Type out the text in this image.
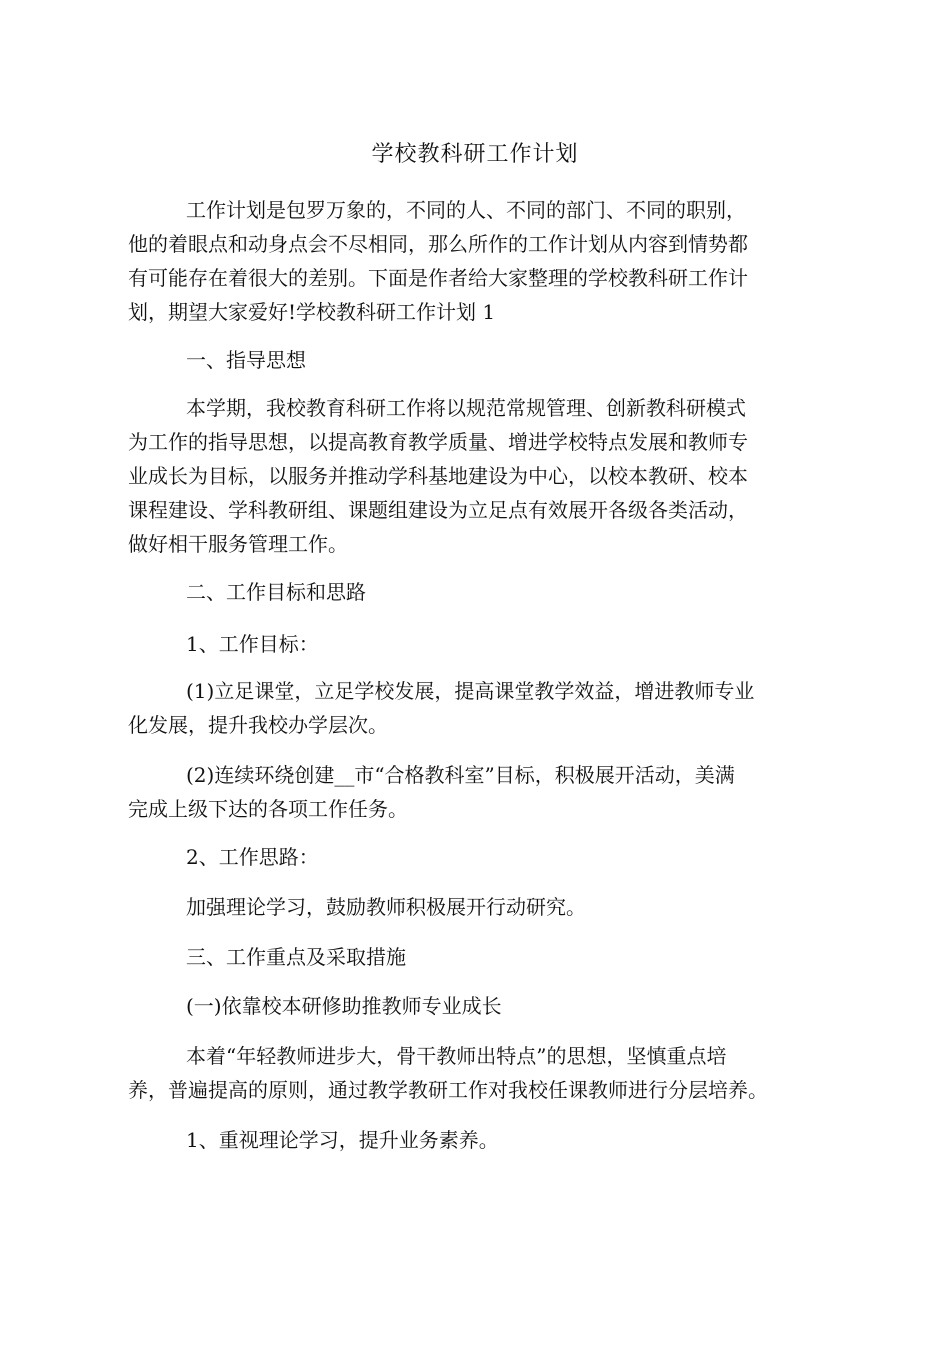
学校教科研工作计划
工作计划是包罗万象的，不同的人、不同的部门、不同的职别，
他的着眼点和动身点会不尽相同，那么所作的工作计划从内容到情势都
有可能存在着很大的差别。下面是作者给大家整理的学校教科研工作计
划，期望大家爱好!学校教科研工作计划 1
一、指导思想
本学期，我校教育科研工作将以规范常规管理、创新教科研模式
为工作的指导思想，以提高教育教学质量、增进学校特点发展和教师专
业成长为目标，以服务并推动学科基地建设为中心，以校本教研、校本
课程建设、学科教研组、课题组建设为立足点有效展开各级各类活动，
做好相干服务管理工作。
二、工作目标和思路
1、工作目标：
(1)立足课堂，立足学校发展，提高课堂教学效益，增进教师专业
化发展，提升我校办学层次。
(2)连续环绕创建__市“合格教科室”目标，积极展开活动，美满
完成上级下达的各项工作任务。
2、工作思路：
加强理论学习，鼓励教师积极展开行动研究。
三、工作重点及采取措施
(一)依靠校本研修助推教师专业成长
本着“年轻教师进步大，骨干教师出特点”的思想，坚慎重点培
养，普遍提高的原则，通过教学教研工作对我校任课教师进行分层培养。
1、重视理论学习，提升业务素养。
